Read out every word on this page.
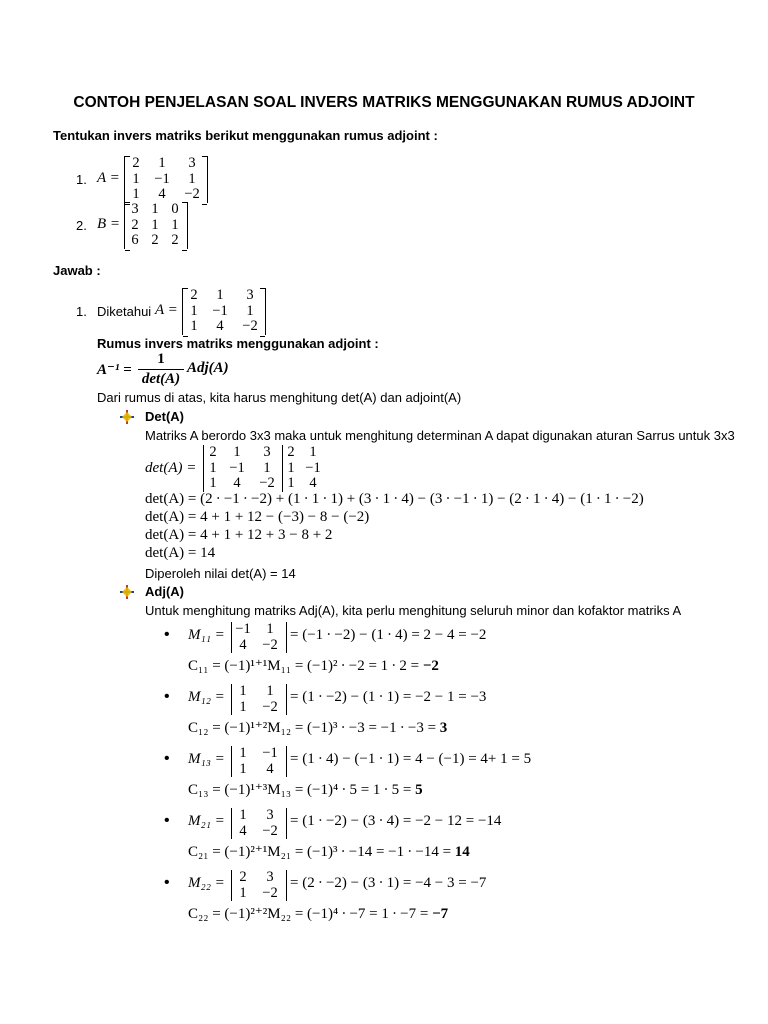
CONTOH PENJELASAN SOAL INVERS MATRIKS MENGGUNAKAN RUMUS ADJOINT
Tentukan invers matriks berikut menggunakan rumus adjoint :
1. A =
2	1	3
1	−1	1
1	4	−2
2. B =
3 1 0
2 1 1
6 2 2
Jawab :
1. Diketahui A =
2	1	3
1	−1	1
1	4	−2
Rumus invers matriks menggunakan adjoint :
A⁻¹ =
1
det(A)
Adj(A)
Dari rumus di atas, kita harus menghitung det(A) dan adjoint(A)
Det(A)
Matriks A berordo 3x3 maka untuk menghitung determinan A dapat digunakan aturan Sarrus untuk 3x3
det(A) =
2	1	3
1 −1	1
1	4	−2
2	1
1 −1
1	4
det(A) = (2 ∙ −1 ∙ −2) + (1 ∙ 1 ∙ 1) + (3 ∙ 1 ∙ 4) − (3 ∙ −1 ∙ 1) − (2 ∙ 1 ∙ 4) − (1 ∙ 1 ∙ −2)
det(A) = 4 + 1 + 12 − (−3) − 8 − (−2)
det(A) = 4 + 1 + 12 + 3 − 8 + 2
det(A) = 14
Diperoleh nilai det(A) = 14
Adj(A)
Untuk menghitung matriks Adj(A), kita perlu menghitung seluruh minor dan kofaktor matriks A
• M₁₁ = −1	1
4	−2
= (−1 ∙ −2) − (1 ∙ 4) = 2 − 4 = −2
C₁₁ = (−1)¹⁺¹M₁₁ = (−1)² ∙ −2 = 1 ∙ 2 = −2
• M₁₂ =	1	1
1	−2
= (1 ∙ −2) − (1 ∙ 1) = −2 − 1 = −3
C₁₂ = (−1)¹⁺²M₁₂ = (−1)³ ∙ −3 = −1 ∙ −3 = 3
• M₁₃ =	1	−1
1	4
= (1 ∙ 4) − (−1 ∙ 1) = 4 − (−1) = 4+ 1 = 5
C₁₃ = (−1)¹⁺³M₁₃ = (−1)⁴ ∙ 5 = 1 ∙ 5 = 5
• M₂₁ =	1	3
4	−2
= (1 ∙ −2) − (3 ∙ 4) = −2 − 12 = −14
C₂₁ = (−1)²⁺¹M₂₁ = (−1)³ ∙ −14 = −1 ∙ −14 = 14
• M₂₂ =	2	3
1	−2
= (2 ∙ −2) − (3 ∙ 1) = −4 − 3 = −7
C₂₂ = (−1)²⁺²M₂₂ = (−1)⁴ ∙ −7 = 1 ∙ −7 = −7
